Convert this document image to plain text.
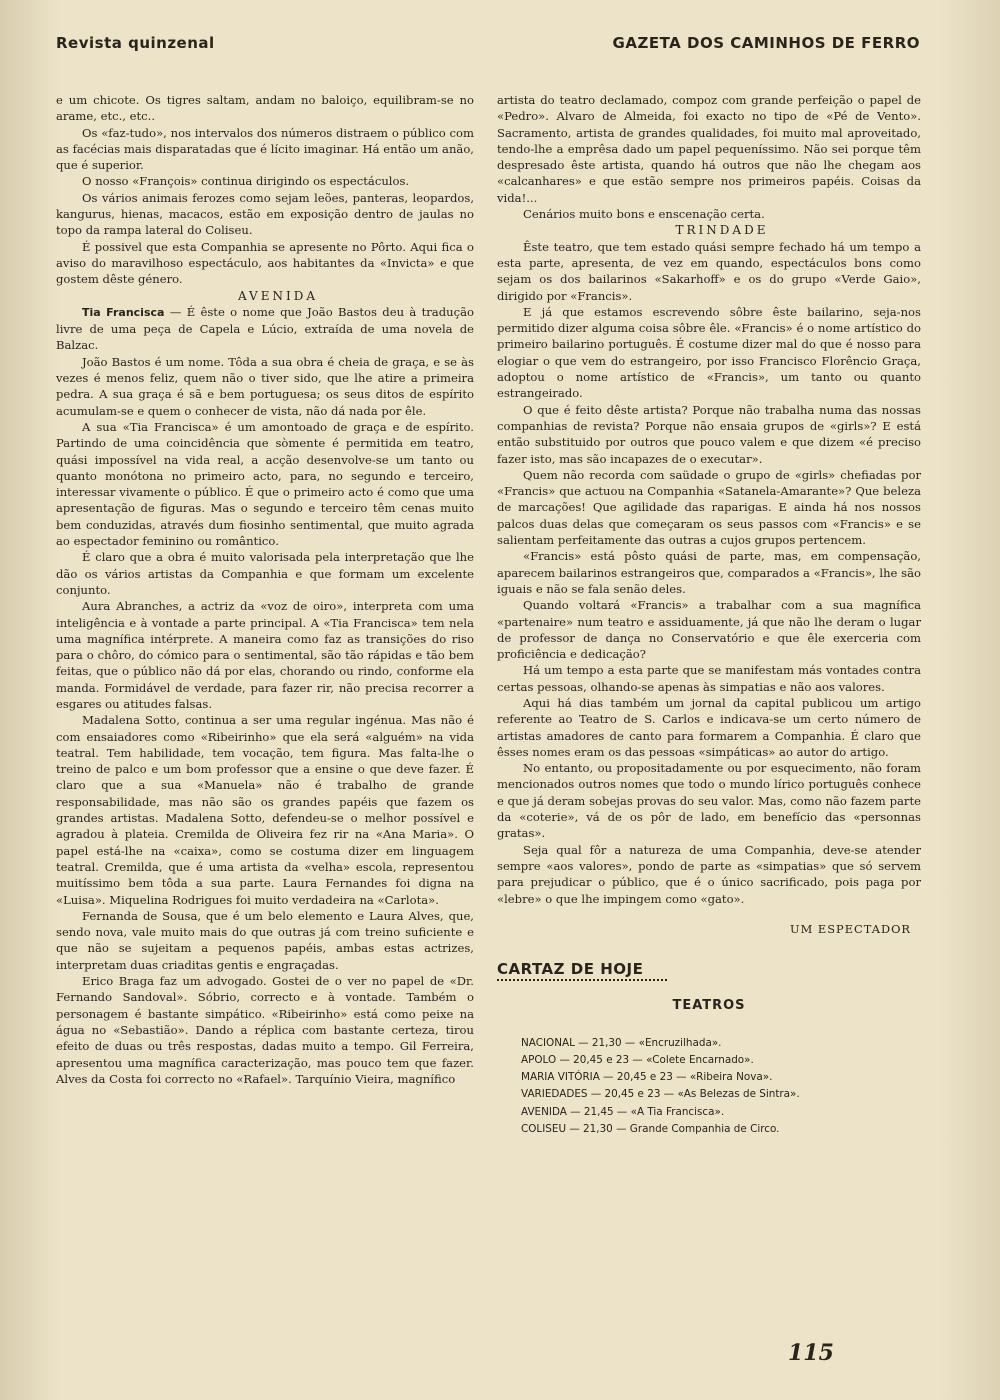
Revista quinzenal	GAZETA DOS CAMINHOS DE FERRO

e um chicote. Os tigres saltam, andam no baloiço, equilibram-se no arame, etc., etc..

Os «faz-tudo», nos intervalos dos números distraem o público com as facécias mais disparatadas que é lícito imaginar. Há então um anão, que é superior.

O nosso «François» continua dirigindo os espectáculos.

Os vários animais ferozes como sejam leões, panteras, leopardos, kangurus, hienas, macacos, estão em exposição dentro de jaulas no topo da rampa lateral do Coliseu.

É possivel que esta Companhia se apresente no Pôrto. Aqui fica o aviso do maravilhoso espectáculo, aos habitantes da «Invicta» e que gostem dêste género.

AVENIDA

Tia Francisca — É êste o nome que João Bastos deu à tradução livre de uma peça de Capela e Lúcio, extraída de uma novela de Balzac.

João Bastos é um nome. Tôda a sua obra é cheia de graça, e se às vezes é menos feliz, quem não o tiver sido, que lhe atire a primeira pedra. A sua graça é sã e bem portuguesa; os seus ditos de espírito acumulam-se e quem o conhecer de vista, não dá nada por êle.

A sua «Tia Francisca» é um amontoado de graça e de espírito. Partindo de uma coincidência que sòmente é permitida em teatro, quási impossível na vida real, a acção desenvolve-se um tanto ou quanto monótona no primeiro acto, para, no segundo e terceiro, interessar vivamente o público. É que o primeiro acto é como que uma apresentação de figuras. Mas o segundo e terceiro têm cenas muito bem conduzidas, através dum fiosinho sentimental, que muito agrada ao espectador feminino ou romântico.

É claro que a obra é muito valorisada pela interpretação que lhe dão os vários artistas da Companhia e que formam um excelente conjunto.

Aura Abranches, a actriz da «voz de oiro», interpreta com uma inteligência e à vontade a parte principal. A «Tia Francisca» tem nela uma magnífica intérprete. A maneira como faz as transições do riso para o chôro, do cómico para o sentimental, são tão rápidas e tão bem feitas, que o público não dá por elas, chorando ou rindo, conforme ela manda. Formidável de verdade, para fazer rir, não precisa recorrer a esgares ou atitudes falsas.

Madalena Sotto, continua a ser uma regular ingénua. Mas não é com ensaiadores como «Ribeirinho» que ela será «alguém» na vida teatral. Tem habilidade, tem vocação, tem figura. Mas falta-lhe o treino de palco e um bom professor que a ensine o que deve fazer. É claro que a sua «Manuela» não é trabalho de grande responsabilidade, mas não são os grandes papéis que fazem os grandes artistas. Madalena Sotto, defendeu-se o melhor possível e agradou à plateia. Cremilda de Oliveira fez rir na «Ana Maria». O papel está-lhe na «caixa», como se costuma dizer em linguagem teatral. Cremilda, que é uma artista da «velha» escola, representou muitíssimo bem tôda a sua parte. Laura Fernandes foi digna na «Luisa». Miquelina Rodrigues foi muito verdadeira na «Carlota».

Fernanda de Sousa, que é um belo elemento e Laura Alves, que, sendo nova, vale muito mais do que outras já com treino suficiente e que não se sujeitam a pequenos papéis, ambas estas actrizes, interpretam duas criaditas gentis e engraçadas.

Erico Braga faz um advogado. Gostei de o ver no papel de «Dr. Fernando Sandoval». Sóbrio, correcto e à vontade. Também o personagem é bastante simpático. «Ribeirinho» está como peixe na água no «Sebastião». Dando a réplica com bastante certeza, tirou efeito de duas ou três respostas, dadas muito a tempo. Gil Ferreira, apresentou uma magnífica caracterização, mas pouco tem que fazer. Alves da Costa foi correcto no «Rafael». Tarquínio Vieira, magnífico

artista do teatro declamado, compoz com grande perfeição o papel de «Pedro». Alvaro de Almeida, foi exacto no tipo de «Pé de Vento». Sacramento, artista de grandes qualidades, foi muito mal aproveitado, tendo-lhe a emprêsa dado um papel pequeníssimo. Não sei porque têm despresado êste artista, quando há outros que não lhe chegam aos «calcanhares» e que estão sempre nos primeiros papéis. Coisas da vida!...

Cenários muito bons e enscenação certa.

TRINDADE

Êste teatro, que tem estado quási sempre fechado há um tempo a esta parte, apresenta, de vez em quando, espectáculos bons como sejam os dos bailarinos «Sakarhoff» e os do grupo «Verde Gaio», dirigido por «Francis».

E já que estamos escrevendo sôbre êste bailarino, seja-nos permitido dizer alguma coisa sôbre êle. «Francis» é o nome artístico do primeiro bailarino português. É costume dizer mal do que é nosso para elogiar o que vem do estrangeiro, por isso Francisco Florêncio Graça, adoptou o nome artístico de «Francis», um tanto ou quanto estrangeirado.

O que é feito dêste artista? Porque não trabalha numa das nossas companhias de revista? Porque não ensaia grupos de «girls»? E está então substituido por outros que pouco valem e que dizem «é preciso fazer isto, mas são incapazes de o executar».

Quem não recorda com saüdade o grupo de «girls» chefiadas por «Francis» que actuou na Companhia «Satanela-Amarante»? Que beleza de marcações! Que agilidade das raparigas. E ainda há nos nossos palcos duas delas que começaram os seus passos com «Francis» e se salientam perfeitamente das outras a cujos grupos pertencem.

«Francis» está pôsto quási de parte, mas, em compensação, aparecem bailarinos estrangeiros que, comparados a «Francis», lhe são iguais e não se fala senão deles.

Quando voltará «Francis» a trabalhar com a sua magnífica «partenaire» num teatro e assiduamente, já que não lhe deram o lugar de professor de dança no Conservatório e que êle exerceria com proficiência e dedicação?

Há um tempo a esta parte que se manifestam más vontades contra certas pessoas, olhando-se apenas às simpatias e não aos valores.

Aqui há dias também um jornal da capital publicou um artigo referente ao Teatro de S. Carlos e indicava-se um certo número de artistas amadores de canto para formarem a Companhia. É claro que êsses nomes eram os das pessoas «simpáticas» ao autor do artigo.

No entanto, ou propositadamente ou por esquecimento, não foram mencionados outros nomes que todo o mundo lírico português conhece e que já deram sobejas provas do seu valor. Mas, como não fazem parte da «coterie», vá de os pôr de lado, em benefício das «personnas gratas».

Seja qual fôr a natureza de uma Companhia, deve-se atender sempre «aos valores», pondo de parte as «simpatias» que só servem para prejudicar o público, que é o único sacrificado, pois paga por «lebre» o que lhe impingem como «gato».

UM ESPECTADOR
CARTAZ DE HOJE
TEATROS
NACIONAL — 21,30 — «Encruzilhada».
APOLO — 20,45 e 23 — «Colete Encarnado».
MARIA VITÓRIA — 20,45 e 23 — «Ribeira Nova».
VARIEDADES — 20,45 e 23 — «As Belezas de Sintra».
AVENIDA — 21,45 — «A Tia Francisca».
COLISEU — 21,30 — Grande Companhia de Circo.
115
